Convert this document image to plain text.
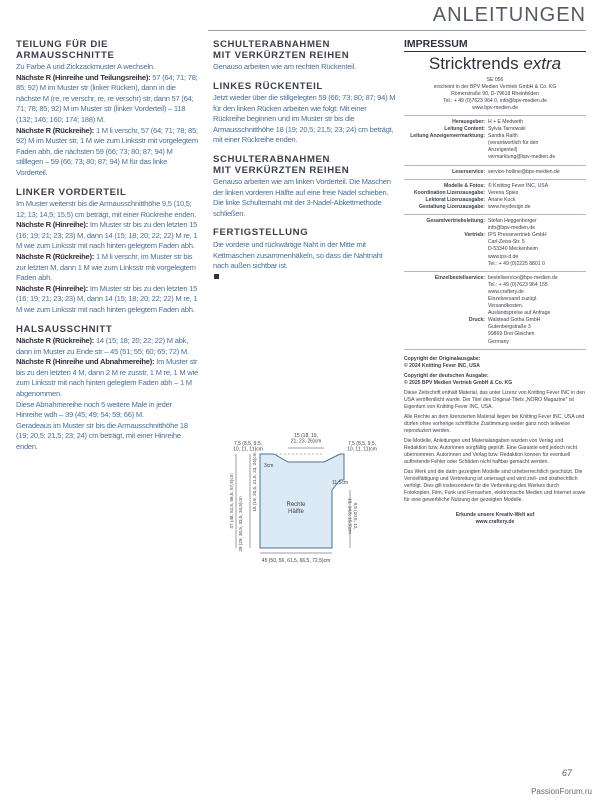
ANLEITUNGEN
TEILUNG FÜR DIE ARMAUSSCHNITTE
Zu Farbe A und Zickzackmuster A wechseln.
Nächste R (Hinreihe und Teilungsreihe): 57 (64; 71; 78; 85; 92) M im Muster str (linker Rücken), dann in die nächste M (re, re verschr, re, re verschr) str, dann 57 (64; 71; 78; 85; 92) M im Muster str (linker Vorderteil) – 118 (132; 146; 160; 174; 188) M.
Nächste R (Rückreihe): 1 M li verschr, 57 (64; 71; 78; 85; 92) M im Muster str, 1 M wie zum Linksstr mit vorgelegtem Faden abh, die nächsten 59 (66; 73; 80; 87; 94) M stilllegen – 59 (66; 73; 80; 87; 94) M für das linke Vorderteil.
LINKER VORDERTEIL
Im Muster weiterstr bis die Armausschnitthöhe 9,5 (10,5; 12; 13; 14,5; 15,5) cm beträgt, mit einer Rückreihe enden.
Nächste R (Hinreihe): Im Muster str bis zu den letzten 15 (16; 19; 21; 23; 23) M, dann 14 (15; 18; 20; 22; 22) M re, 1 M wie zum Linksstr mit nach hinten gelegtem Faden abh.
Nächste R (Rückreihe): 1 M li verschr, im Muster str bis zur letzten M, dann 1 M wie zum Linksstr mit vorgelegtem Faden abh.
Nächste R (Hinreihe): Im Muster str bis zu den letzten 15 (16; 19; 21; 23; 23) M, dann 14 (15; 18; 20; 22; 22) M re, 1 M wie zum Linksstr mit nach hinten gelegtem Faden abh.
HALSAUSSCHNITT
Nächste R (Rückreihe): 14 (15; 18; 20; 22; 22) M abk, dann im Muster zu Ende str – 45 (51; 55; 60; 65; 72) M.
Nächste R (Hinreihe und Abnahmereihe): Im Muster str bis zu den letzten 4 M, dann 2 M re zusstr, 1 M re, 1 M wie zum Linksstr mit nach hinten gelegtem Faden abh – 1 M abgenommen.
Diese Abnahmereihe noch 5 weitere Male in jeder Hinreihe wdh – 39 (45; 49; 54; 59; 66) M.
Geradeaus im Muster str bis die Armausschnitthöhe 18 (19; 20,5; 21,5; 23; 24) cm beträgt, mit einer Hinreihe enden.
SCHULTERABNAHMEN
MIT VERKÜRZTEN REIHEN
Genauso arbeiten wie am rechten Rückenteil.
LINKES RÜCKENTEIL
Jetzt wieder über die stillgelegten 59 (66; 73; 80; 87; 94) M für den linken Rücken arbeiten wie folgt: Mit einer Rückreihe beginnen und im Muster str bis die Armausschnitthöhe 18 (19; 20,5; 21,5; 23; 24) cm beträgt, mit einer Rückreihe enden.
SCHULTERABNAHMEN
MIT VERKÜRZTEN REIHEN
Genauso arbeiten wie am linken Vorderteil. Die Maschen der linken vorderen Hälfte auf eine freie Nadel schieben. Die linke Schulternaht mit der 3-Nadel-Abkettmethode schließen.
FERTIGSTELLUNG
Die vordere und rückwärtige Naht in der Mitte mit Kettmaschen zusammenhäkeln, so dass die Nahtnaht nach außen sichtbar ist.

15 (18, 19, 21, 23, 26)cm
7,5 (8,5, 9,5, 10, 11, 11)cm
7,5 (8,5, 9,5, 10, 11, 11)cm
3cm
11,5cm
Rechte Hälfte
45 (50, 56, 61,5, 66,5, 72,5)cm
47 (48, 52,5, 56,5, 57,5)cm 28 (29, 30,5, 33,5, 34,5)cm
18 (19, 20,5, 21,5, 23, 24)cm
9,5 (10,5, 12,13, 14,5, 15,5)cm
IMPRESSUM
Stricktrends extra
SE 056
erscheint in der BPV Medien Vertrieb GmbH & Co. KG
Römerstraße 90, D-79618 Rheinfelden
Tel.: + 49 (0)7623 964 0, info@bpv-medien.de
www.bpv-medien.de
Herausgeber: H + E Medweth
Leitung Content: Sylvia Tarnowski
Leitung Anzeigenvermarktung: Sandra Raith
(verantwortlich für den
Anzeigenteil)
vermarktung@bpv-medien.de
Leserservice: service-hotline@bpv-medien.de
Modelle & Fotos: © Knitting Fever INC, USA
Koordination Lizenzausgabe: Verena Spies
Lektorat Lizenzausgabe: Ariane Kuck
Gestaltung Lizenzausgabe: www.heydesign.de
Gesamtvertriebsleitung: Stefan Heggenberger
info@bpv-medien.de
Vertrieb: IPS Pressevertrieb GmbH
Carl-Zeiss-Str. 5
D-53340 Meckenheim
www.ips-d.de
Tel.: + 49 (0)2225 8801 0
Einzelbestellservice: bestellservice@bpv-medien.de
Tel.: + 49 (0)7623 964 155
www.craftery.de
Einzelversand zuzügl.
Versandkosten.
Auslandspreise auf Anfrage
Druck: Walstead Gotha GmbH
Gutenbergstraße 3
99869 Drei Gleichen
Germany
Copyright der Originalausgabe:
© 2024 Knitting Fever INC, USA
Copyright der deutschen Ausgabe:
© 2025 BPV Medien Vertrieb GmbH & Co. KG
Diese Zeitschrift enthält Material, das unter Lizenz von Knitting Fever INC in den USA veröffentlicht wurde. Der Titel des Original-Titels „NORO Magazine" ist Eigentum von Knitting Fever INC, USA.
Alle Rechte an dem lizenzierten Material liegen bei Knitting Fever INC, USA und dürfen ohne vorherige schriftliche Zustimmung weder ganz noch teilweise reproduziert werden.
Die Modelle, Anleitungen und Materialangaben wurden von Verlag und Redaktion bzw. Autorinnen sorgfältig geprüft. Eine Garantie wird jedoch nicht übernommen. Autorinnen und Verlag bzw. Redaktion können für eventuell auftretende Fehler oder Schäden nicht haftbar gemacht werden.
Das Werk und die darin gezeigten Modelle sind urheberrechtlich geschützt. Die Vervielfältigung und Verbreitung ist untersagt und wird zivil- und strafrechtlich verfolgt. Dies gilt insbesondere für die Verbreitung des Werkes durch Fotokopien, Film, Funk und Fernsehen, elektronische Medien und Internet sowie für eine gewerbliche Nutzung der gezeigten Modelle.
Erkunde unsere Kreativ-Welt auf
www.craftery.de
67
PassionForum.ru
